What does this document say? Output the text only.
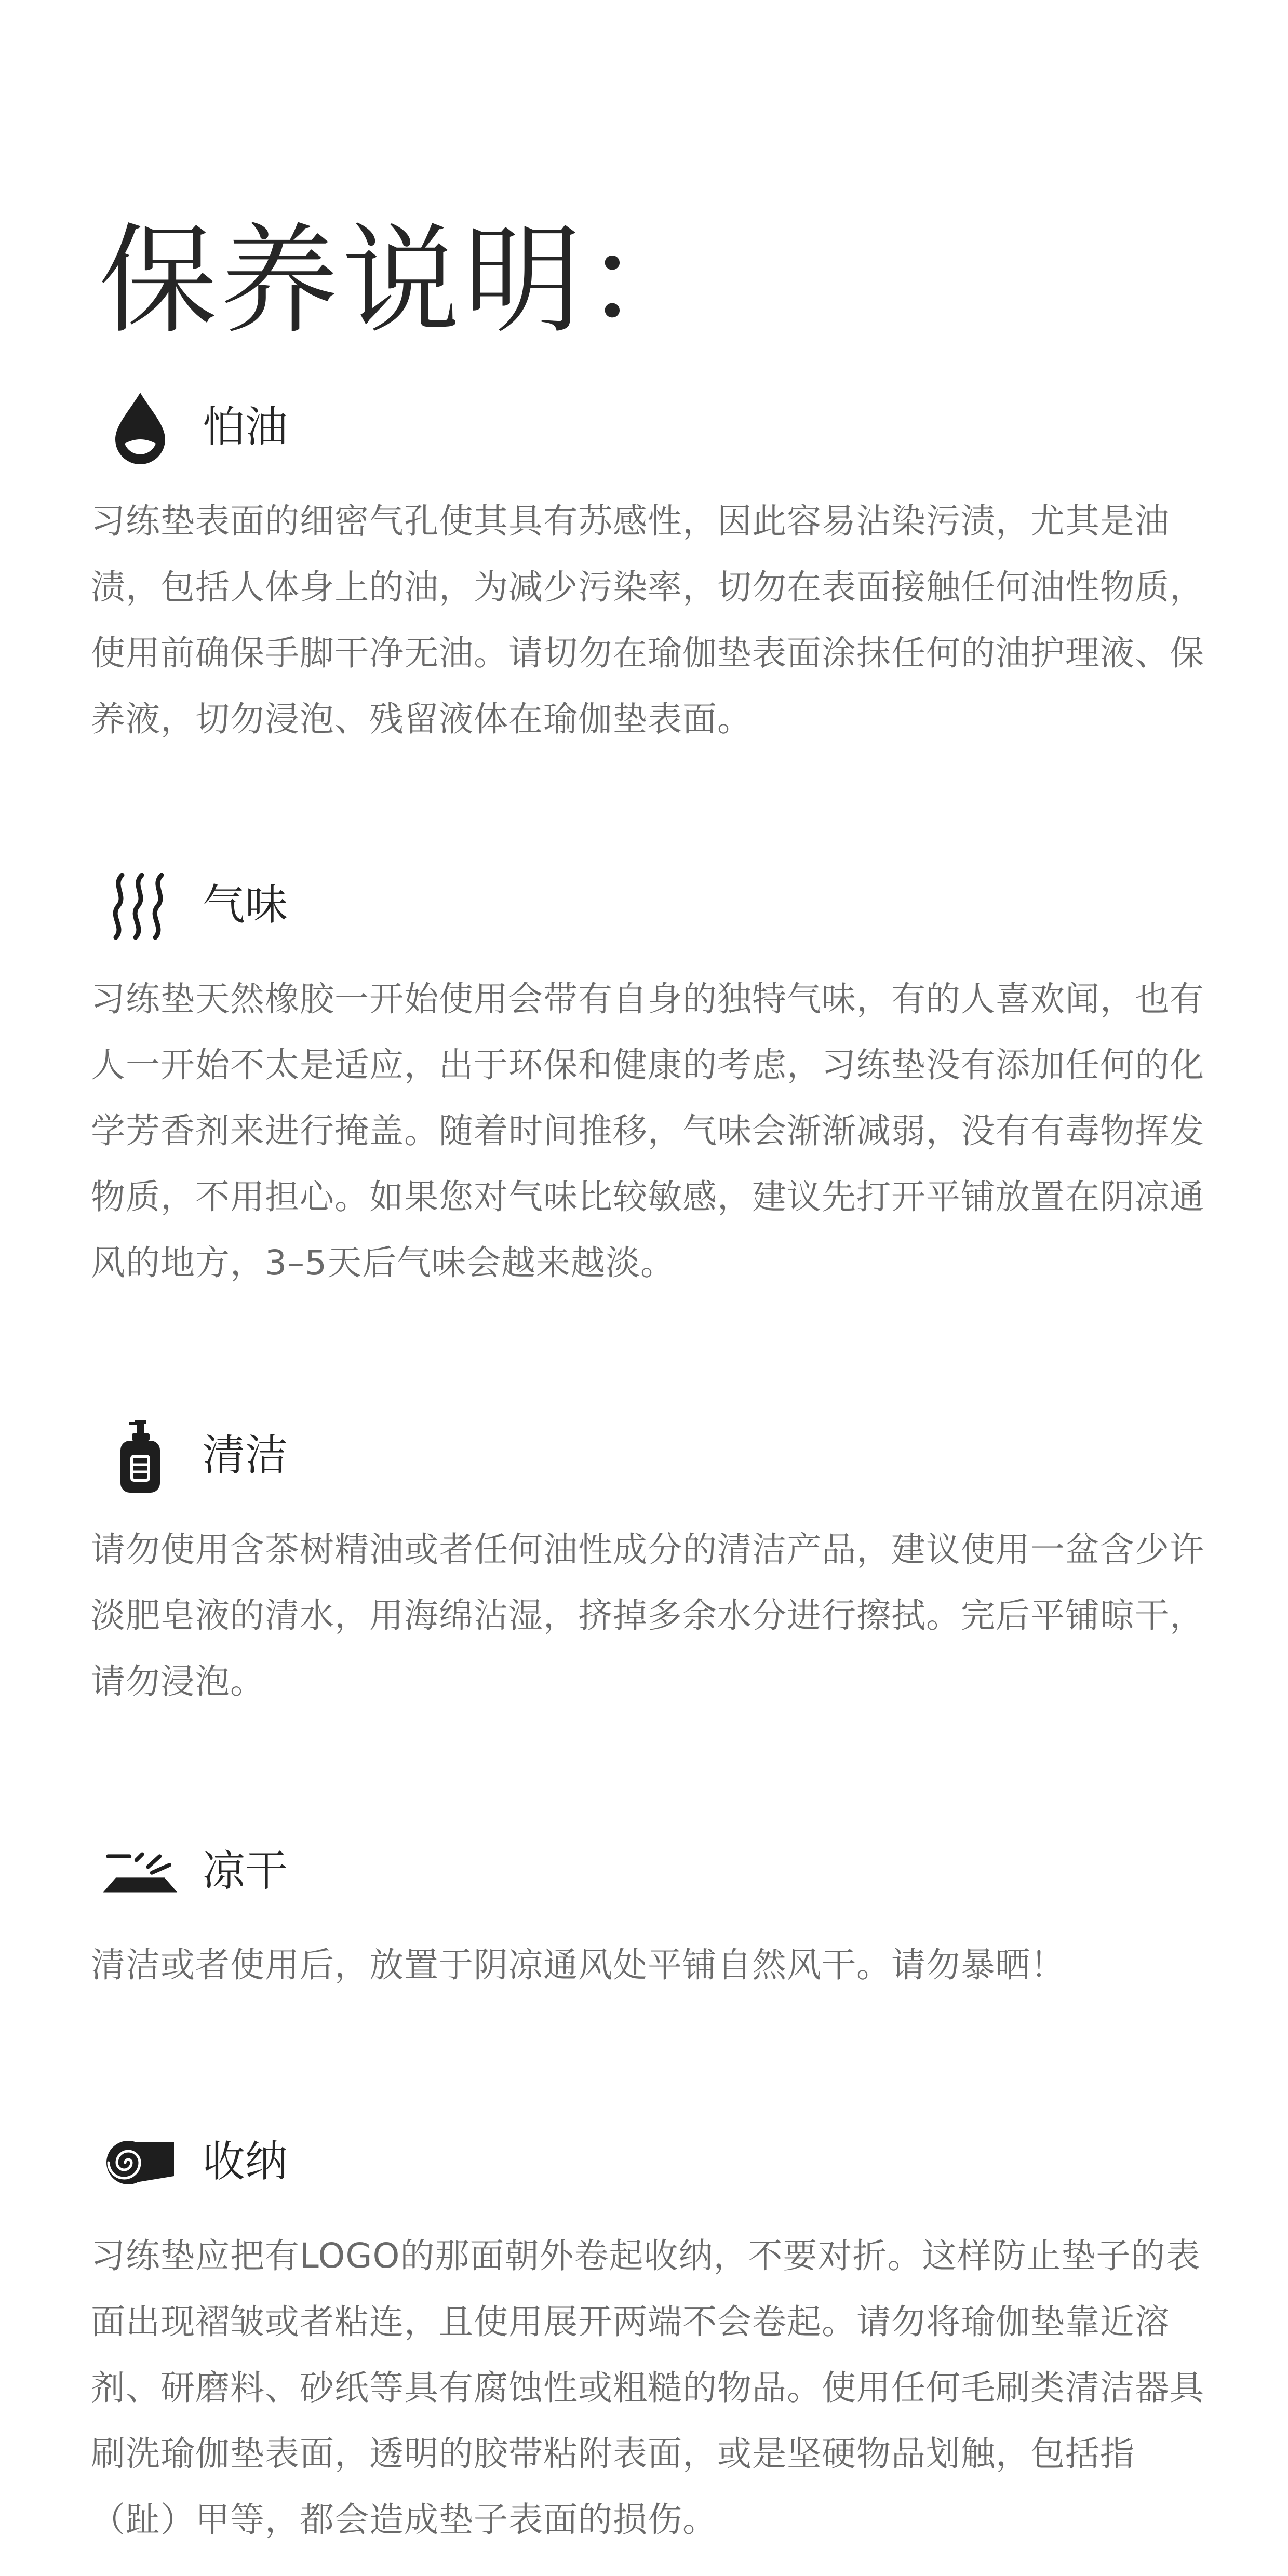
保养说明：
怕油

习练垫表面的细密气孔使其具有苏感性，因此容易沾染污渍，尤其是油渍，包括人体身上的油，为减少污染率，切勿在表面接触任何油性物质，使用前确保手脚干净无油。请切勿在瑜伽垫表面涂抹任何的油护理液、保养液，切勿浸泡、残留液体在瑜伽垫表面。

气味

习练垫天然橡胶一开始使用会带有自身的独特气味，有的人喜欢闻，也有人一开始不太是适应，出于环保和健康的考虑，习练垫没有添加任何的化学芳香剂来进行掩盖。随着时间推移，气味会渐渐减弱，没有有毒物挥发物质，不用担心。如果您对气味比较敏感，建议先打开平铺放置在阴凉通风的地方，3–5天后气味会越来越淡。

清洁

请勿使用含茶树精油或者任何油性成分的清洁产品，建议使用一盆含少许淡肥皂液的清水，用海绵沾湿，挤掉多余水分进行擦拭。完后平铺晾干，请勿浸泡。

凉干

清洁或者使用后，放置于阴凉通风处平铺自然风干。请勿暴晒！

收纳

习练垫应把有LOGO的那面朝外卷起收纳，不要对折。这样防止垫子的表面出现褶皱或者粘连，且使用展开两端不会卷起。请勿将瑜伽垫靠近溶剂、研磨料、砂纸等具有腐蚀性或粗糙的物品。使用任何毛刷类清洁器具刷洗瑜伽垫表面，透明的胶带粘附表面，或是坚硬物品划触，包括指（趾）甲等，都会造成垫子表面的损伤。
